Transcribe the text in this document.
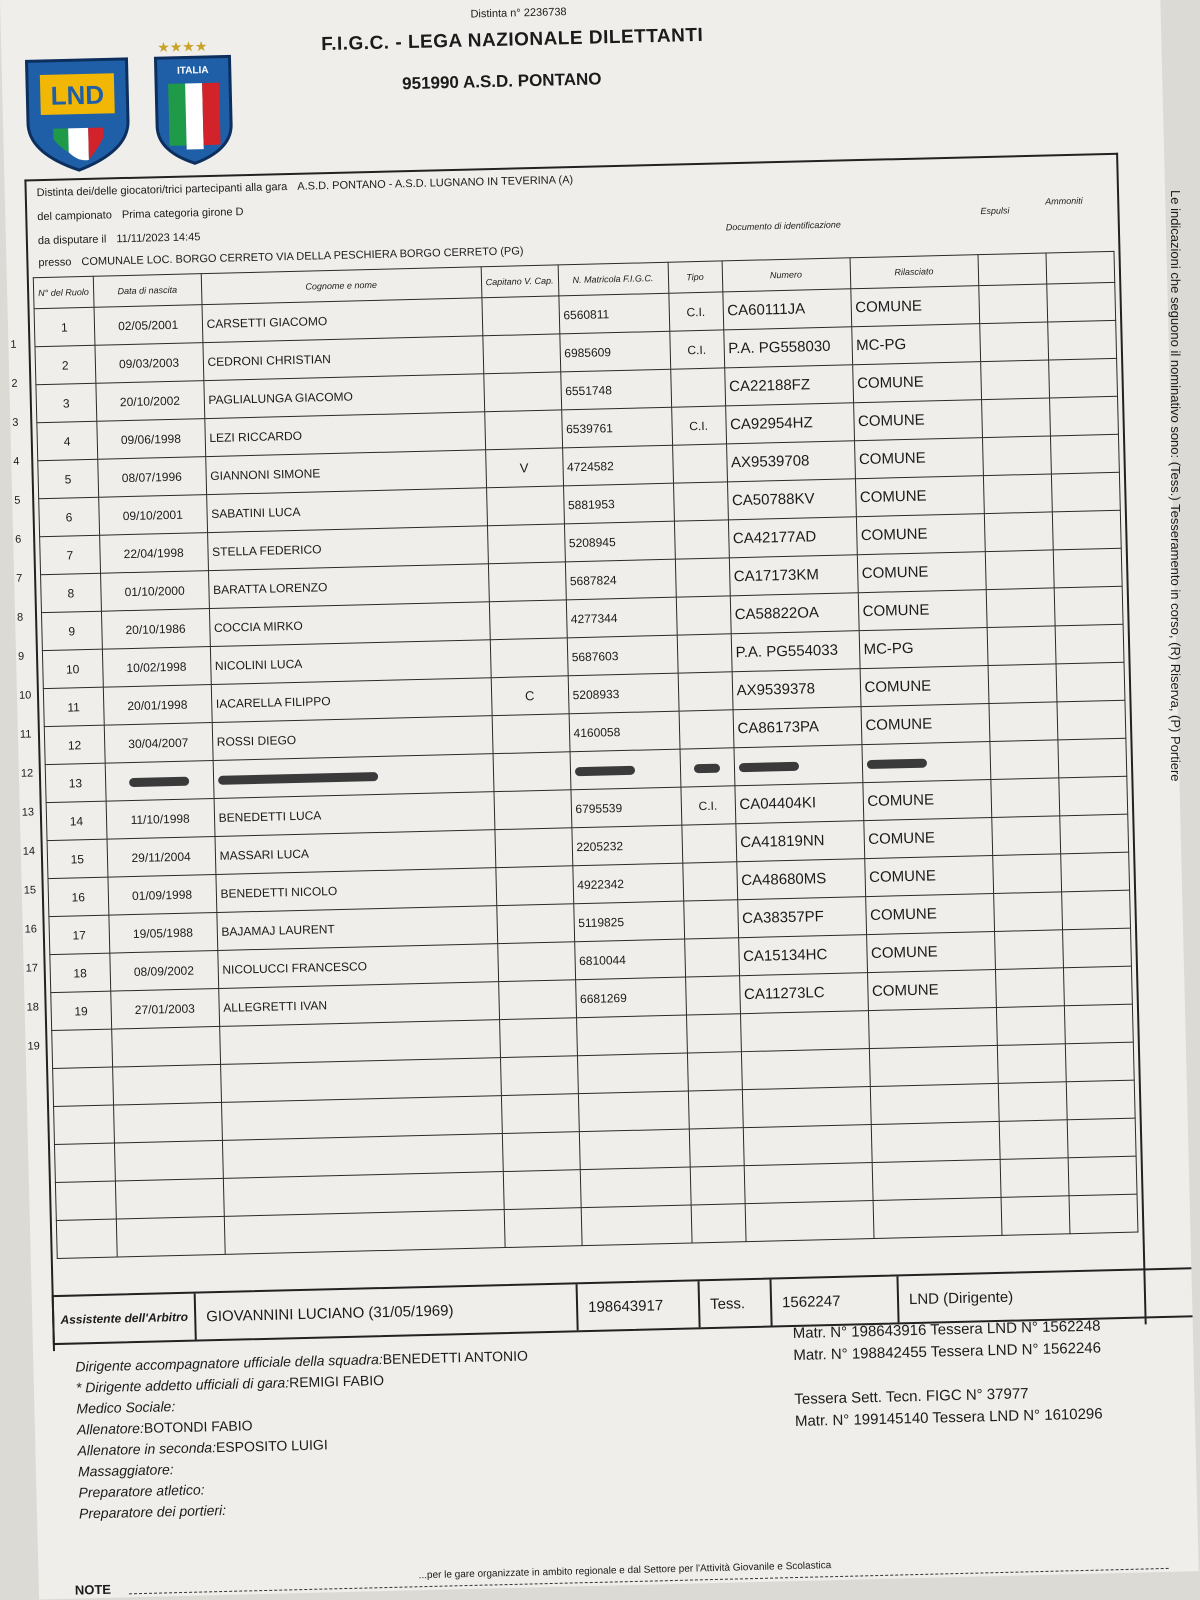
Distinta n° 2236738
F.I.G.C. - LEGA NAZIONALE DILETTANTI
951990 A.S.D. PONTANO
LND
★★★★
ITALIA
Distinta dei/delle giocatori/trici partecipanti alla gara A.S.D. PONTANO - A.S.D. LUGNANO IN TEVERINA (A)
del campionato Prima categoria girone D
da disputare il 11/11/2023 14:45
presso COMUNALE LOC. BORGO CERRETO VIA DELLA PESCHIERA BORGO CERRETO (PG)
Documento di identificazione
Espulsi
Ammoniti
1
2
3
4
5
6
7
8
9
10
11
12
13
14
15
16
17
18
19
N° del Ruolo	Data di nascita	Cognome e nome	Capitano V. Cap.	N. Matricola F.I.G.C.	Tipo	Numero	Rilasciato		
1	02/05/2001	CARSETTI GIACOMO		6560811	C.I.	CA60111JA	COMUNE		
2	09/03/2003	CEDRONI CHRISTIAN		6985609	C.I.	P.A. PG558030	MC-PG		
3	20/10/2002	PAGLIALUNGA GIACOMO		6551748		CA22188FZ	COMUNE		
4	09/06/1998	LEZI RICCARDO		6539761	C.I.	CA92954HZ	COMUNE		
5	08/07/1996	GIANNONI SIMONE	V	4724582		AX9539708	COMUNE		
6	09/10/2001	SABATINI LUCA		5881953		CA50788KV	COMUNE		
7	22/04/1998	STELLA FEDERICO		5208945		CA42177AD	COMUNE		
8	01/10/2000	BARATTA LORENZO		5687824		CA17173KM	COMUNE		
9	20/10/1986	COCCIA MIRKO		4277344		CA58822OA	COMUNE		
10	10/02/1998	NICOLINI LUCA		5687603		P.A. PG554033	MC-PG		
11	20/01/1998	IACARELLA FILIPPO	C	5208933		AX9539378	COMUNE		
12	30/04/2007	ROSSI DIEGO		4160058		CA86173PA	COMUNE		
13									
14	11/10/1998	BENEDETTI LUCA		6795539	C.I.	CA04404KI	COMUNE		
15	29/11/2004	MASSARI LUCA		2205232		CA41819NN	COMUNE		
16	01/09/1998	BENEDETTI NICOLO		4922342		CA48680MS	COMUNE		
17	19/05/1988	BAJAMAJ LAURENT		5119825		CA38357PF	COMUNE		
18	08/09/2002	NICOLUCCI FRANCESCO		6810044		CA15134HC	COMUNE		
19	27/01/2003	ALLEGRETTI IVAN		6681269		CA11273LC	COMUNE		

Assistente dell'Arbitro	GIOVANNINI LUCIANO (31/05/1969)	198643917	Tess.	1562247	LND (Dirigente)
Dirigente accompagnatore ufficiale della squadra:BENEDETTI ANTONIO
* Dirigente addetto ufficiali di gara:REMIGI FABIO
Medico Sociale:
Allenatore:BOTONDI FABIO
Allenatore in seconda:ESPOSITO LUIGI
Massaggiatore:
Preparatore atletico:
Preparatore dei portieri:
Matr. N° 198643916 Tessera LND N° 1562248
Matr. N° 198842455 Tessera LND N° 1562246

Tessera Sett. Tecn. FIGC N° 37977
Matr. N° 199145140 Tessera LND N° 1610296
NOTE
...per le gare organizzate in ambito regionale e dal Settore per l'Attività Giovanile e Scolastica
Le indicazioni che seguono il nominativo sono: (Tess.) Tesseramento in corso, (R) Riserva, (P) Portiere
